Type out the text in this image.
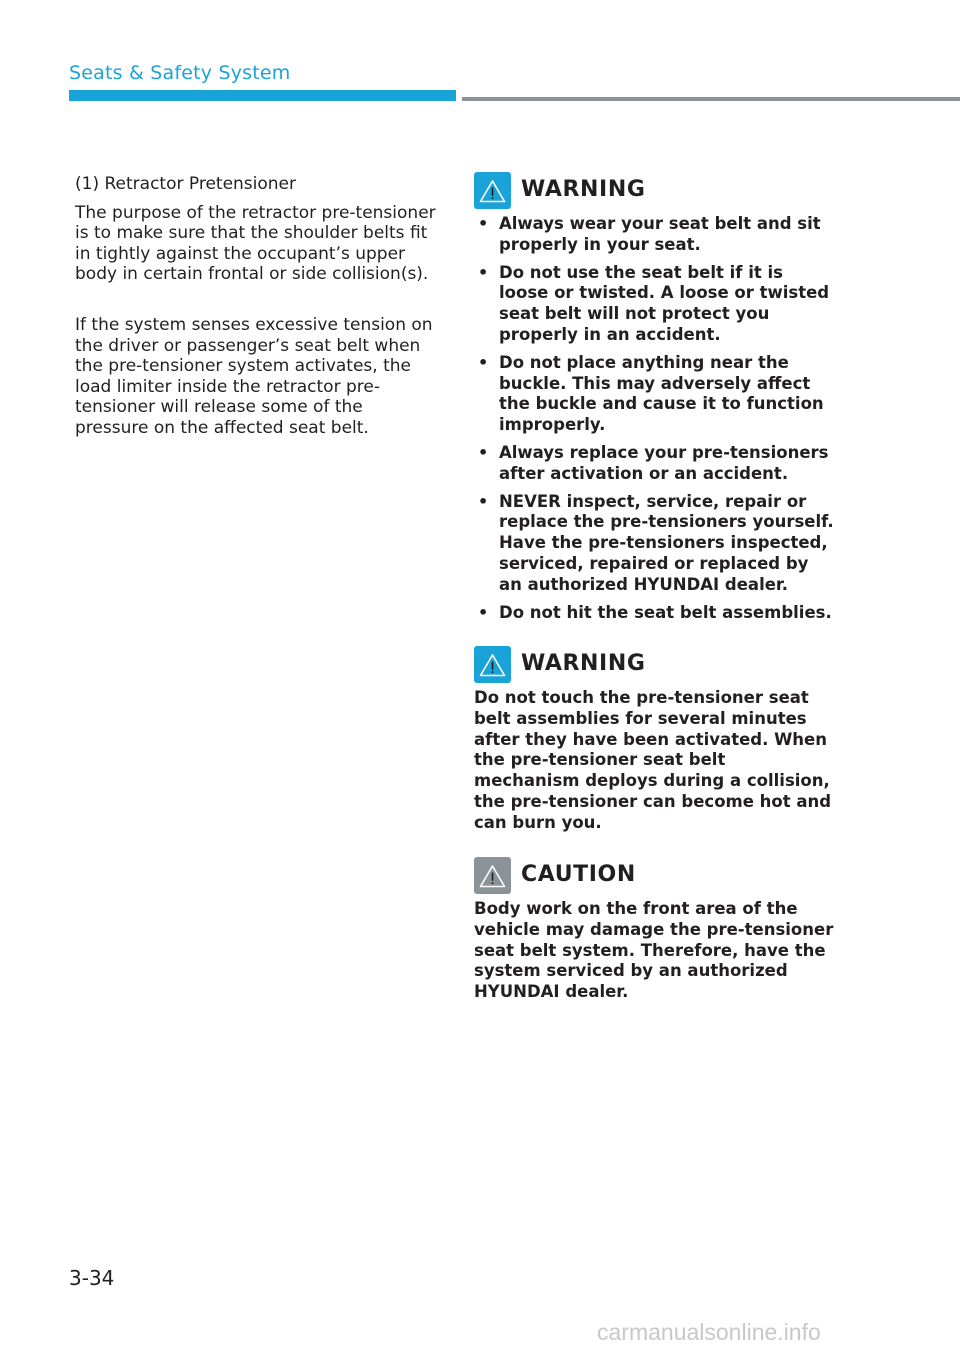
Seats & Safety System
(1) Retractor Pretensioner

The purpose of the retractor pre-tensioner is to make sure that the shoulder belts fit in tightly against the occupant’s upper body in certain frontal or side collision(s).

If the system senses excessive tension on the driver or passenger’s seat belt when the pre-tensioner system activates, the load limiter inside the retractor pre-tensioner will release some of the pressure on the affected seat belt.

WARNING
• Always wear your seat belt and sit properly in your seat.
• Do not use the seat belt if it is loose or twisted. A loose or twisted seat belt will not protect you properly in an accident.
• Do not place anything near the buckle. This may adversely affect the buckle and cause it to function improperly.
• Always replace your pre-tensioners after activation or an accident.
• NEVER inspect, service, repair or replace the pre-tensioners yourself. Have the pre-tensioners inspected, serviced, repaired or replaced by an authorized HYUNDAI dealer.
• Do not hit the seat belt assemblies.
WARNING

Do not touch the pre-tensioner seat belt assemblies for several minutes after they have been activated. When the pre-tensioner seat belt mechanism deploys during a collision, the pre-tensioner can become hot and can burn you.

CAUTION

Body work on the front area of the vehicle may damage the pre-tensioner seat belt system. Therefore, have the system serviced by an authorized HYUNDAI dealer.

3-34
carmanualsonline.info
